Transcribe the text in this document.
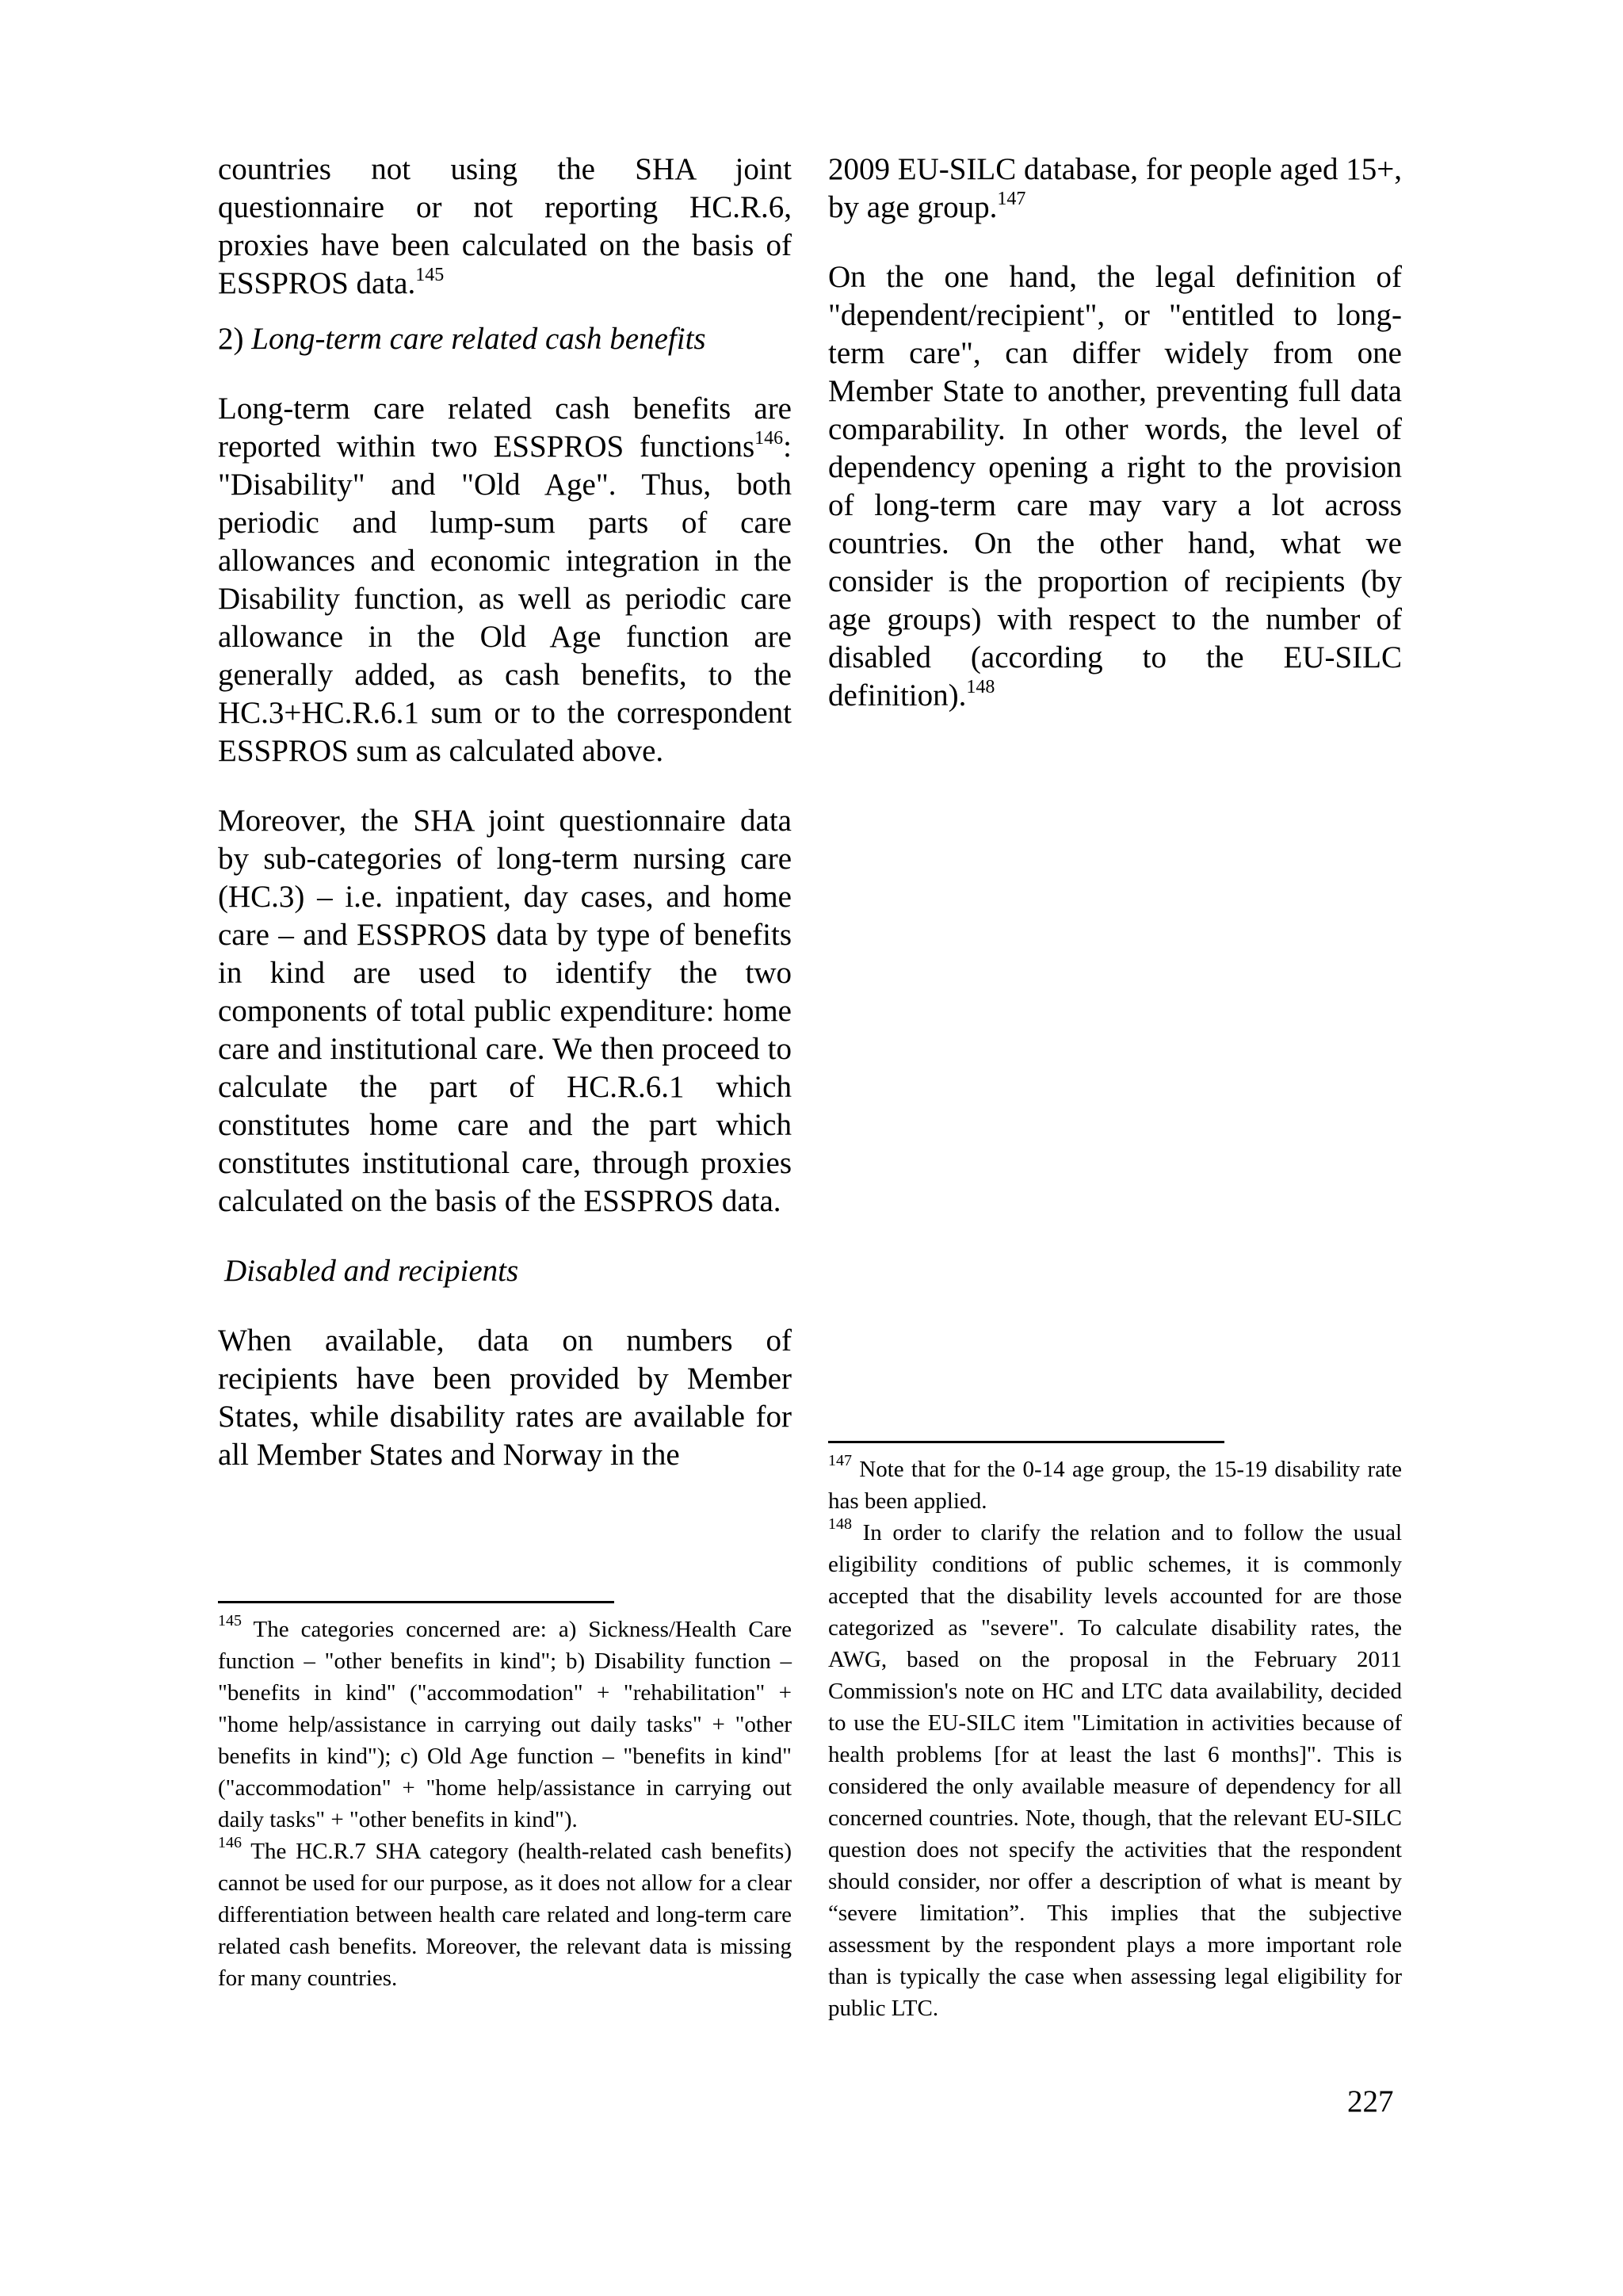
countries not using the SHA joint questionnaire or not reporting HC.R.6, proxies have been calculated on the basis of ESSPROS data.$^{145}$

2) Long-term care related cash benefits

Long-term care related cash benefits are reported within two ESSPROS functions$^{146}$: "Disability" and "Old Age". Thus, both periodic and lump-sum parts of care allowances and economic integration in the Disability function, as well as periodic care allowance in the Old Age function are generally added, as cash benefits, to the HC.3+HC.R.6.1 sum or to the correspondent ESSPROS sum as calculated above.

Moreover, the SHA joint questionnaire data by sub-categories of long-term nursing care (HC.3) – i.e. inpatient, day cases, and home care – and ESSPROS data by type of benefits in kind are used to identify the two components of total public expenditure: home care and institutional care. We then proceed to calculate the part of HC.R.6.1 which constitutes home care and the part which constitutes institutional care, through proxies calculated on the basis of the ESSPROS data.

Disabled and recipients

When available, data on numbers of recipients have been provided by Member States, while disability rates are available for all Member States and Norway in the

2009 EU-SILC database, for people aged 15+, by age group.$^{147}$

On the one hand, the legal definition of "dependent/recipient", or "entitled to long-term care", can differ widely from one Member State to another, preventing full data comparability. In other words, the level of dependency opening a right to the provision of long-term care may vary a lot across countries. On the other hand, what we consider is the proportion of recipients (by age groups) with respect to the number of disabled (according to the EU-SILC definition).$^{148}$

$^{145}$ The categories concerned are: a) Sickness/Health Care function – "other benefits in kind"; b) Disability function – "benefits in kind" ("accommodation" + "rehabilitation" + "home help/assistance in carrying out daily tasks" + "other benefits in kind"); c) Old Age function – "benefits in kind" ("accommodation" + "home help/assistance in carrying out daily tasks" + "other benefits in kind").

$^{146}$ The HC.R.7 SHA category (health-related cash benefits) cannot be used for our purpose, as it does not allow for a clear differentiation between health care related and long-term care related cash benefits. Moreover, the relevant data is missing for many countries.

$^{147}$ Note that for the 0-14 age group, the 15-19 disability rate has been applied.

$^{148}$ In order to clarify the relation and to follow the usual eligibility conditions of public schemes, it is commonly accepted that the disability levels accounted for are those categorized as "severe". To calculate disability rates, the AWG, based on the proposal in the February 2011 Commission's note on HC and LTC data availability, decided to use the EU-SILC item "Limitation in activities because of health problems [for at least the last 6 months]". This is considered the only available measure of dependency for all concerned countries. Note, though, that the relevant EU-SILC question does not specify the activities that the respondent should consider, nor offer a description of what is meant by “severe limitation”. This implies that the subjective assessment by the respondent plays a more important role than is typically the case when assessing legal eligibility for public LTC.

227
